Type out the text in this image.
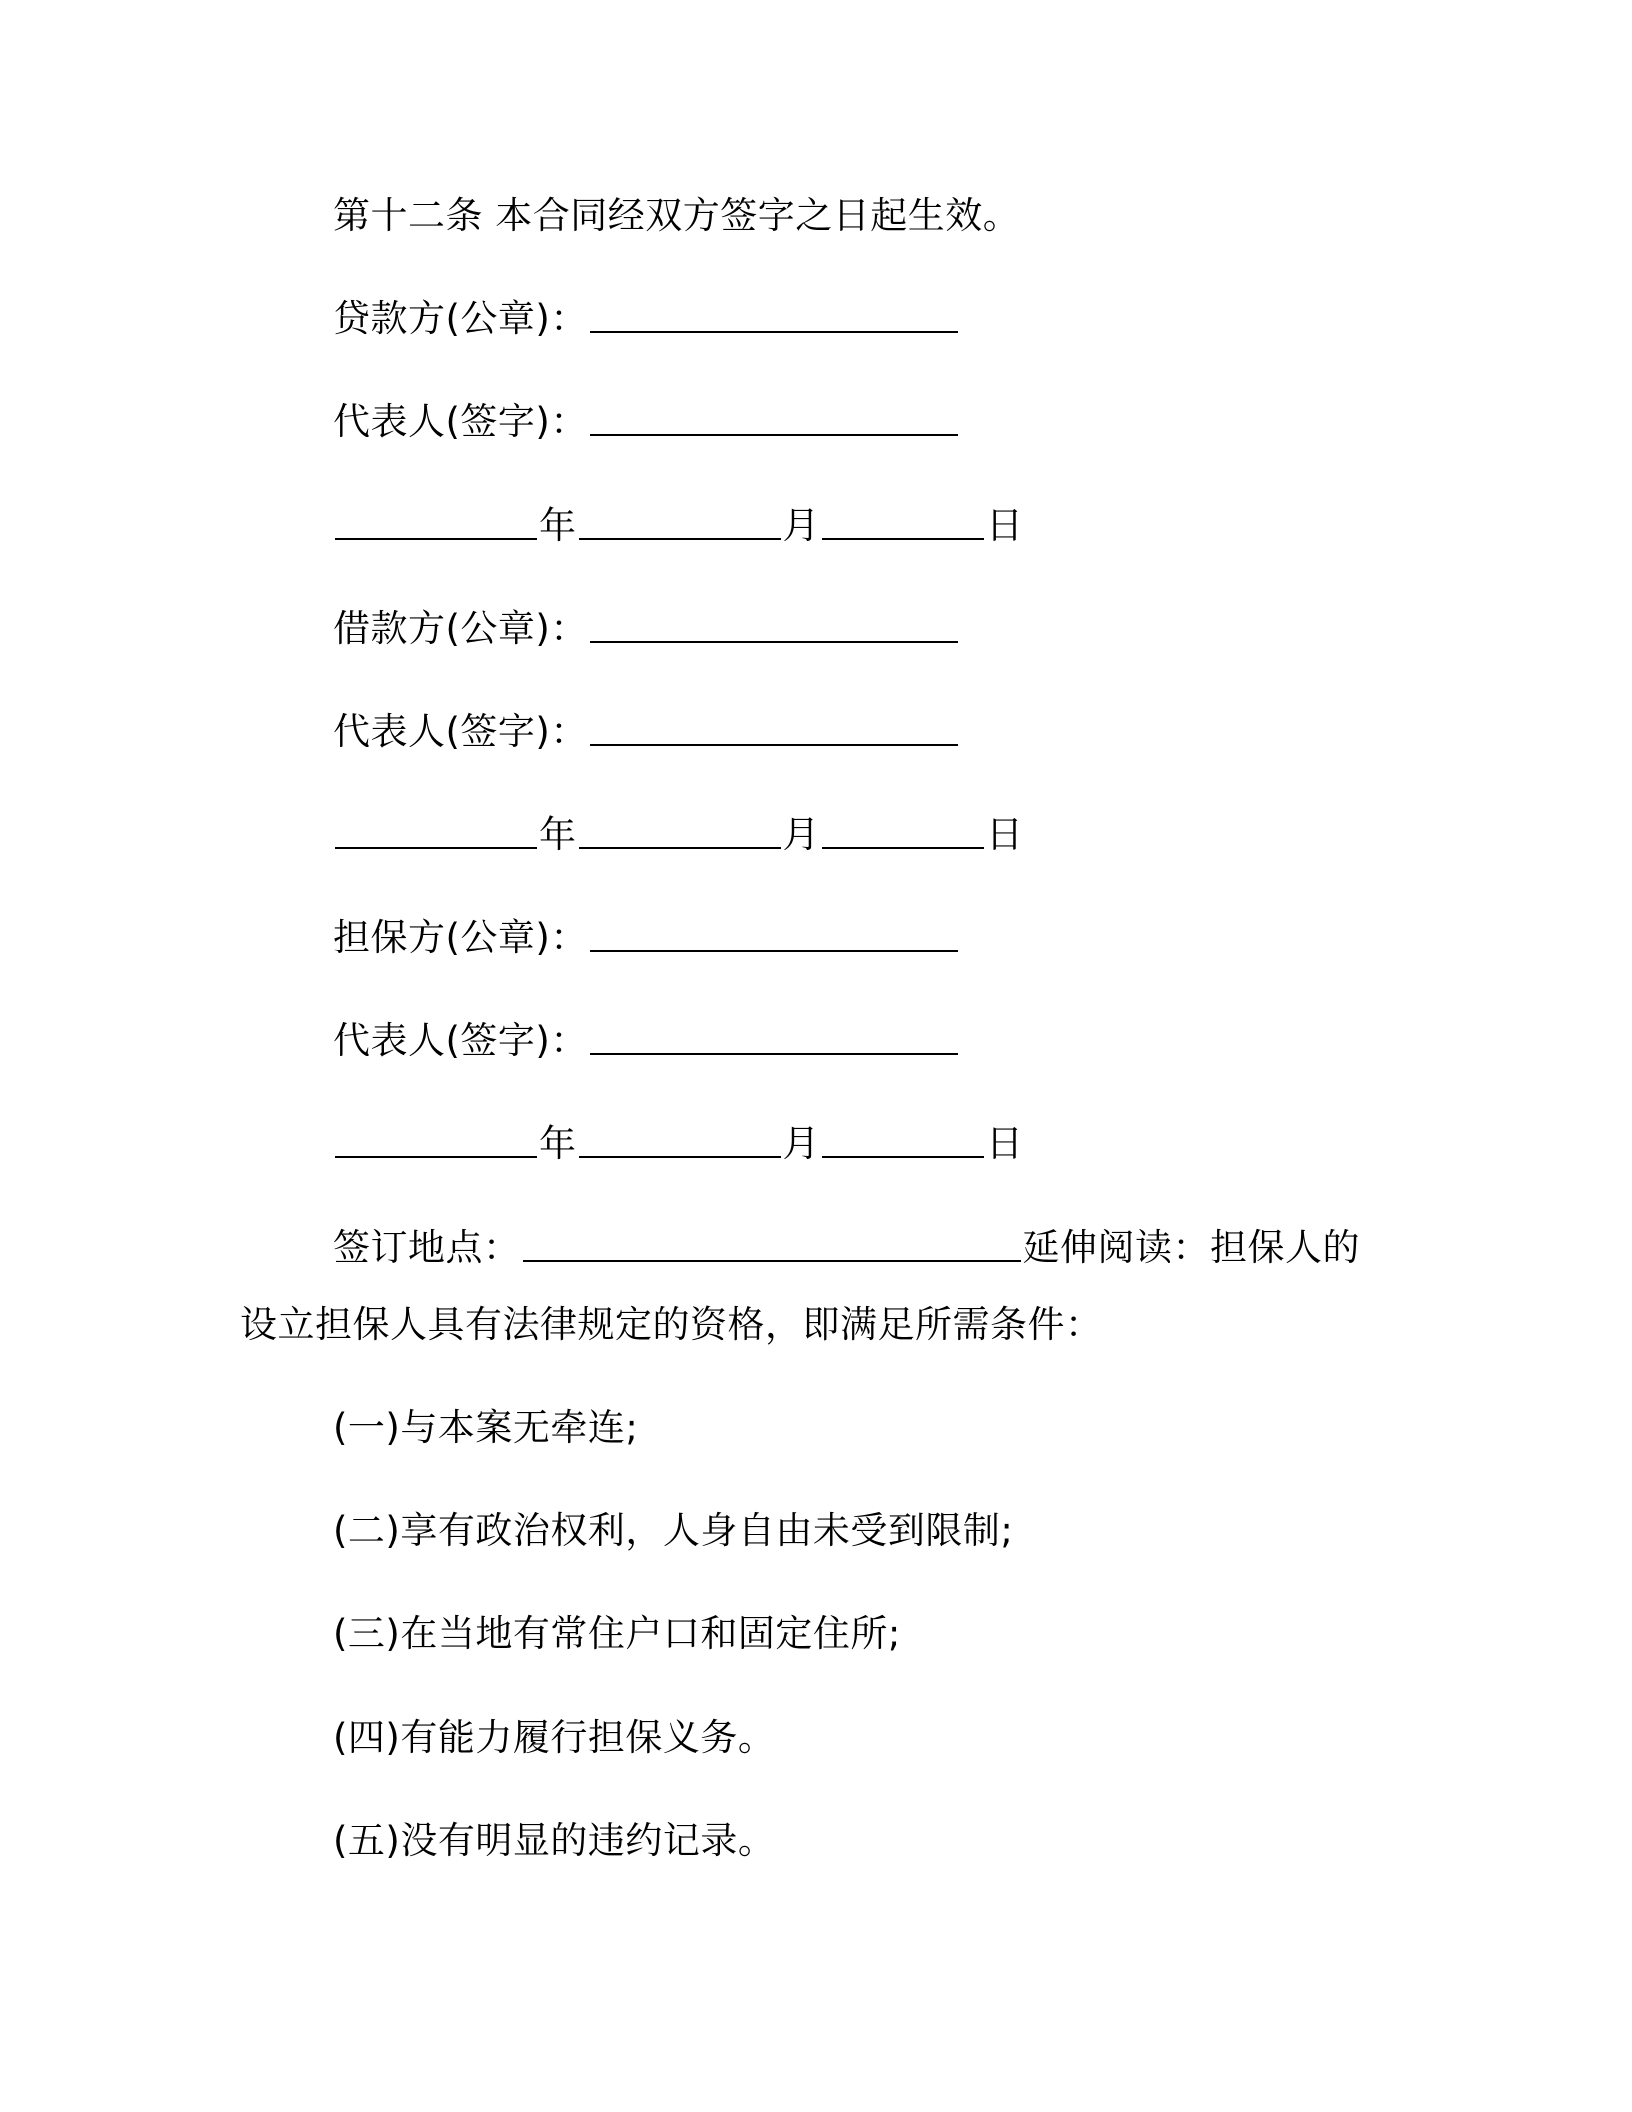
第十二条 本合同经双方签字之日起生效。
贷款方(公章)：
代表人(签字)：
年	月	日
借款方(公章)：
代表人(签字)：
年	月	日
担保方(公章)：
代表人(签字)：
年	月	日
签订地点：	延伸阅读：担保人的
设立担保人具有法律规定的资格，即满足所需条件：
(一)与本案无牵连;
(二)享有政治权利，人身自由未受到限制;
(三)在当地有常住户口和固定住所;
(四)有能力履行担保义务。
(五)没有明显的违约记录。
